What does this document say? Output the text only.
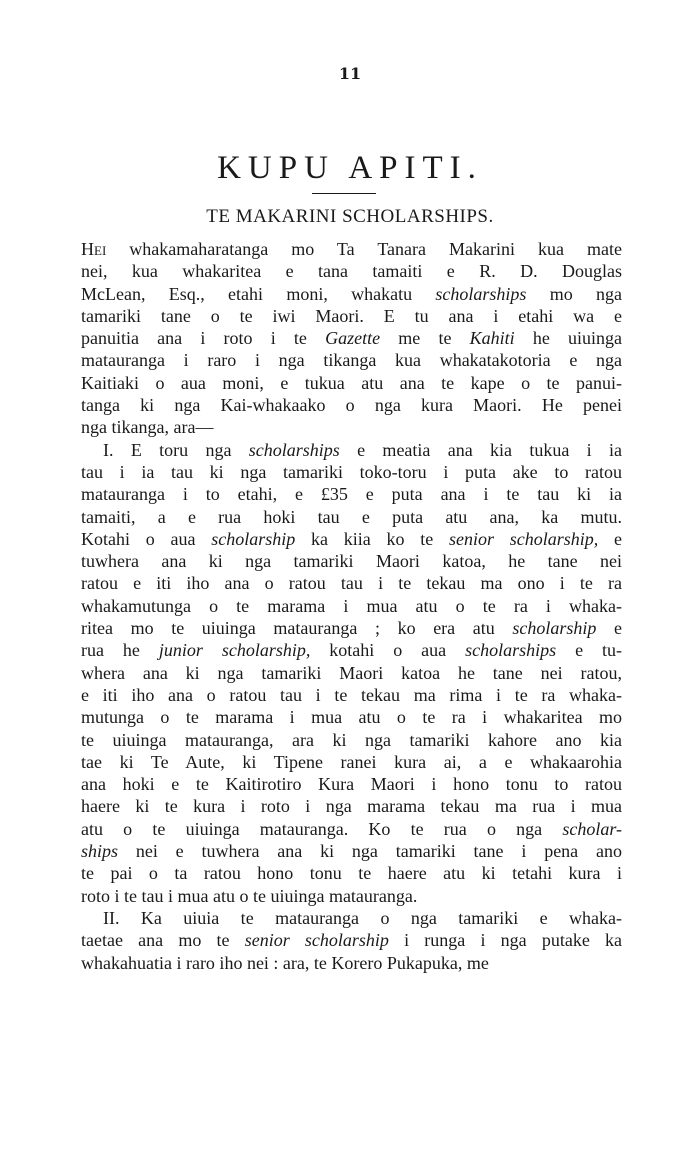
11
KUPU APITI.
TE MAKARINI SCHOLARSHIPS.

Hei whakamaharatanga mo Ta Tanara Makarini kua mate
nei, kua whakaritea e tana tamaiti e R. D. Douglas
McLean, Esq., etahi moni, whakatu scholarships mo nga
tamariki tane o te iwi Maori. E tu ana i etahi wa e
panuitia ana i roto i te Gazette me te Kahiti he uiuinga
matauranga i raro i nga tikanga kua whakatakotoria e nga
Kaitiaki o aua moni, e tukua atu ana te kape o te panui-
tanga ki nga Kai-whakaako o nga kura Maori. He penei
nga tikanga, ara—

I. E toru nga scholarships e meatia ana kia tukua i ia
tau i ia tau ki nga tamariki toko-toru i puta ake to ratou
matauranga i to etahi, e £35 e puta ana i te tau ki ia
tamaiti, a e rua hoki tau e puta atu ana, ka mutu.
Kotahi o aua scholarship ka kiia ko te senior scholarship, e
tuwhera ana ki nga tamariki Maori katoa, he tane nei
ratou e iti iho ana o ratou tau i te tekau ma ono i te ra
whakamutunga o te marama i mua atu o te ra i whaka-
ritea mo te uiuinga matauranga ; ko era atu scholarship e
rua he junior scholarship, kotahi o aua scholarships e tu-
whera ana ki nga tamariki Maori katoa he tane nei ratou,
e iti iho ana o ratou tau i te tekau ma rima i te ra whaka-
mutunga o te marama i mua atu o te ra i whakaritea mo
te uiuinga matauranga, ara ki nga tamariki kahore ano kia
tae ki Te Aute, ki Tipene ranei kura ai, a e whakaarohia
ana hoki e te Kaitirotiro Kura Maori i hono tonu to ratou
haere ki te kura i roto i nga marama tekau ma rua i mua
atu o te uiuinga matauranga. Ko te rua o nga scholar-
ships nei e tuwhera ana ki nga tamariki tane i pena ano
te pai o ta ratou hono tonu te haere atu ki tetahi kura i
roto i te tau i mua atu o te uiuinga matauranga.

II. Ka uiuia te matauranga o nga tamariki e whaka-
taetae ana mo te senior scholarship i runga i nga putake ka
whakahuatia i raro iho nei : ara, te Korero Pukapuka, me
